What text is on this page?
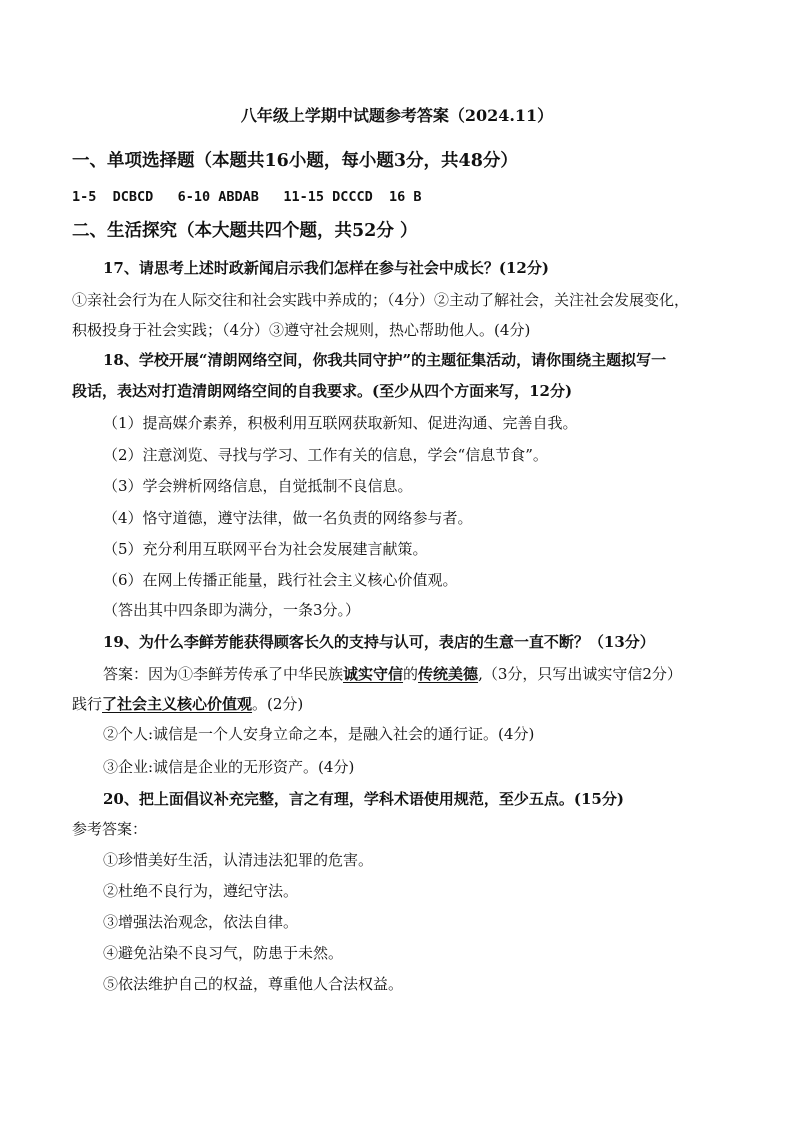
八年级上学期中试题参考答案（2024.11）
一、单项选择题（本题共16小题，每小题3分，共48分）
1-5  DCBCD   6-10 ABDAB   11-15 DCCCD  16 B
二、生活探究（本大题共四个题，共52分 ）
17、请思考上述时政新闻启示我们怎样在参与社会中成长？(12分)
①亲社会行为在人际交往和社会实践中养成的；（4分）②主动了解社会，关注社会发展变化，
积极投身于社会实践；（4分）③遵守社会规则，热心帮助他人。(4分)
18、学校开展“清朗网络空间，你我共同守护”的主题征集活动，请你围绕主题拟写一
段话，表达对打造清朗网络空间的自我要求。(至少从四个方面来写，12分)
（1）提高媒介素养，积极利用互联网获取新知、促进沟通、完善自我。
（2）注意浏览、寻找与学习、工作有关的信息，学会“信息节食”。
（3）学会辨析网络信息，自觉抵制不良信息。
（4）恪守道德，遵守法律，做一名负责的网络参与者。
（5）充分利用互联网平台为社会发展建言献策。
（6）在网上传播正能量，践行社会主义核心价值观。
（答出其中四条即为满分，一条3分。）
19、为什么李鲜芳能获得顾客长久的支持与认可，表店的生意一直不断？（13分）
答案：因为①李鲜芳传承了中华民族诚实守信的传统美德,（3分，只写出诚实守信2分）
践行了社会主义核心价值观。(2分)
②个人:诚信是一个人安身立命之本，是融入社会的通行证。(4分)
③企业:诚信是企业的无形资产。(4分)
20、把上面倡议补充完整，言之有理，学科术语使用规范，至少五点。(15分)
参考答案：
①珍惜美好生活，认清违法犯罪的危害。
②杜绝不良行为，遵纪守法。
③增强法治观念，依法自律。
④避免沾染不良习气，防患于未然。
⑤依法维护自己的权益，尊重他人合法权益。
